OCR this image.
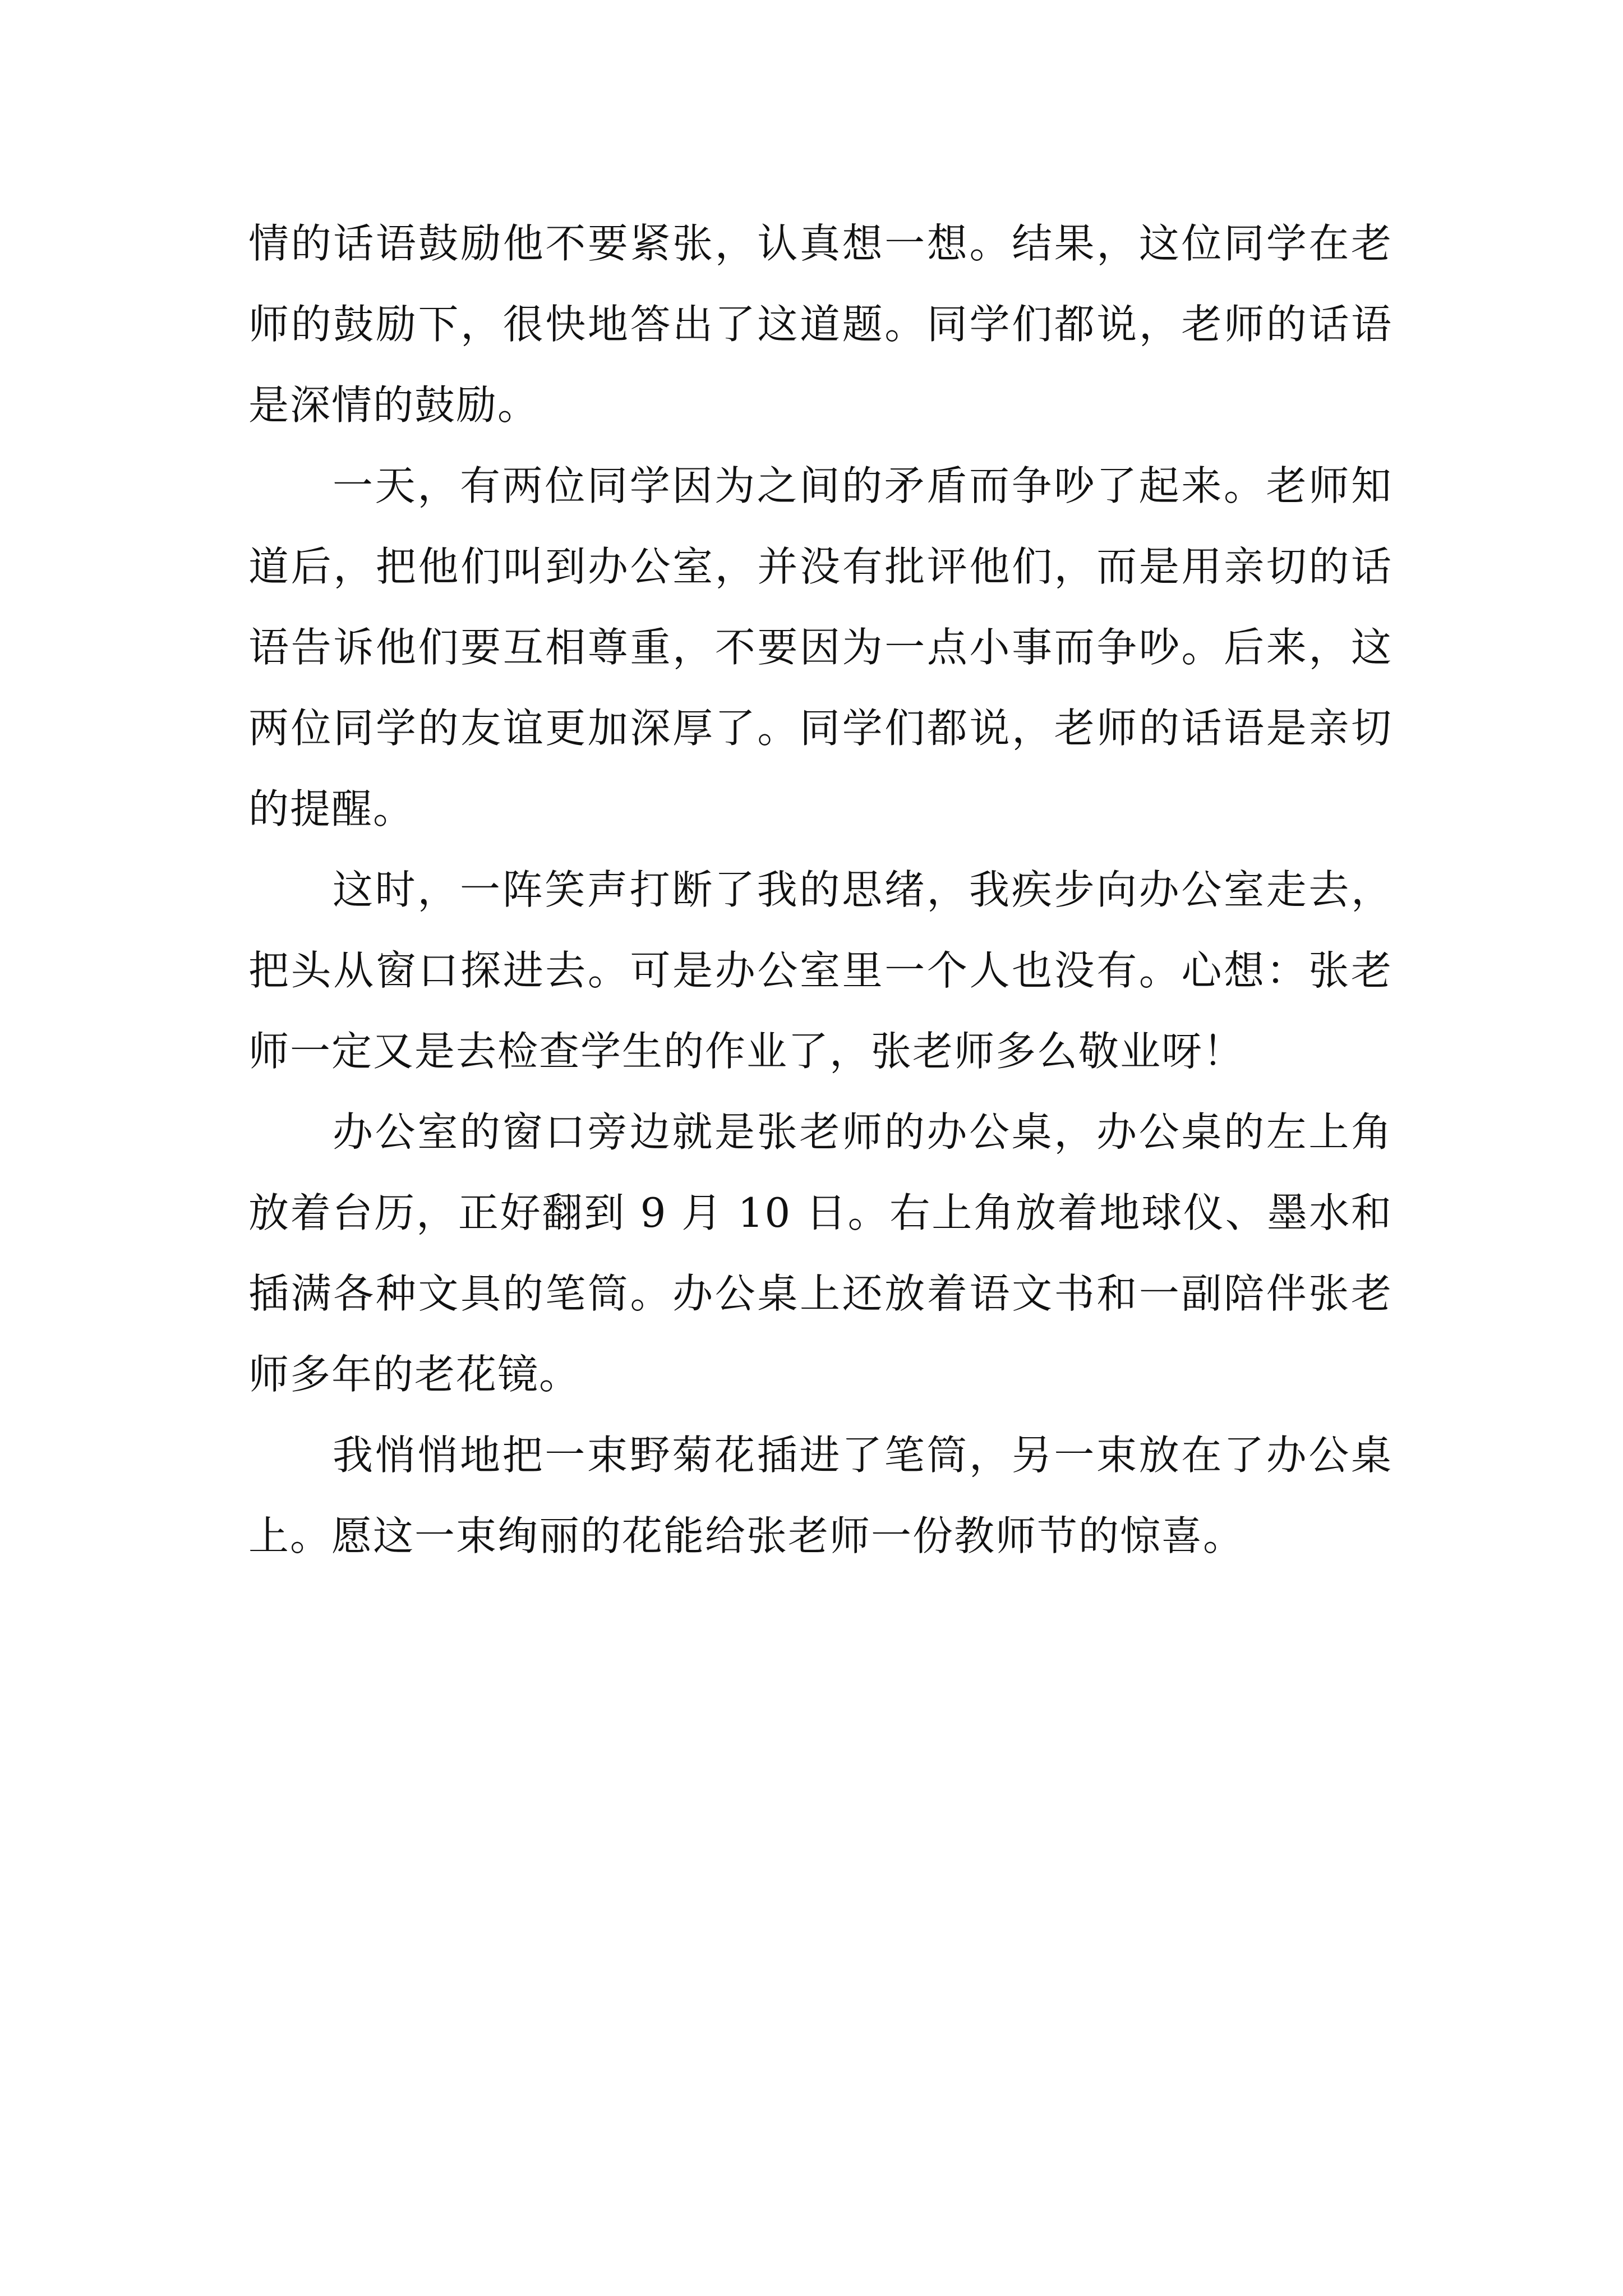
情的话语鼓励他不要紧张，认真想一想。结果，这位同学在老师的鼓励下，很快地答出了这道题。同学们都说，老师的话语是深情的鼓励。

一天，有两位同学因为之间的矛盾而争吵了起来。老师知道后，把他们叫到办公室，并没有批评他们，而是用亲切的话语告诉他们要互相尊重，不要因为一点小事而争吵。后来，这两位同学的友谊更加深厚了。同学们都说，老师的话语是亲切的提醒。

这时，一阵笑声打断了我的思绪，我疾步向办公室走去，把头从窗口探进去。可是办公室里一个人也没有。心想：张老师一定又是去检查学生的作业了，张老师多么敬业呀！

办公室的窗口旁边就是张老师的办公桌，办公桌的左上角放着台历，正好翻到 9 月 10 日。右上角放着地球仪、墨水和插满各种文具的笔筒。办公桌上还放着语文书和一副陪伴张老师多年的老花镜。

我悄悄地把一束野菊花插进了笔筒，另一束放在了办公桌上。愿这一束绚丽的花能给张老师一份教师节的惊喜。
